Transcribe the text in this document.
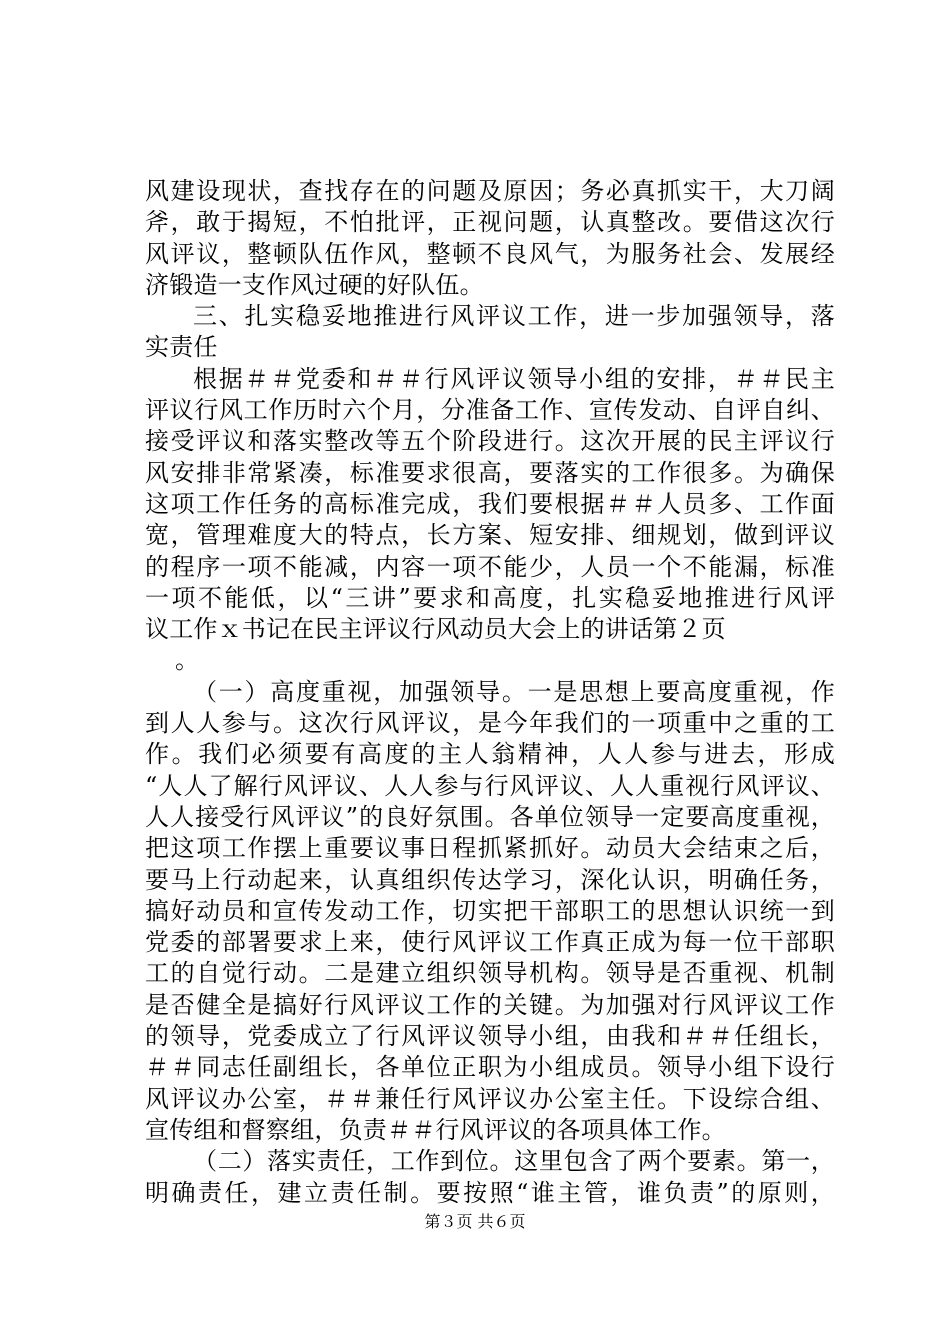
风建设现状，查找存在的问题及原因；务必真抓实干，大刀阔
斧，敢于揭短，不怕批评，正视问题，认真整改。要借这次行
风评议，整顿队伍作风，整顿不良风气，为服务社会、发展经
济锻造一支作风过硬的好队伍。
三、扎实稳妥地推进行风评议工作，进一步加强领导，落
实责任
根据＃＃党委和＃＃行风评议领导小组的安排，＃＃民主
评议行风工作历时六个月，分准备工作、宣传发动、自评自纠、
接受评议和落实整改等五个阶段进行。这次开展的民主评议行
风安排非常紧凑，标准要求很高，要落实的工作很多。为确保
这项工作任务的高标准完成，我们要根据＃＃人员多、工作面
宽，管理难度大的特点，长方案、短安排、细规划，做到评议
的程序一项不能减，内容一项不能少，人员一个不能漏，标准
一项不能低，以“三讲”要求和高度，扎实稳妥地推进行风评
议工作ｘ书记在民主评议行风动员大会上的讲话第２页
。
（一）高度重视，加强领导。一是思想上要高度重视，作
到人人参与。这次行风评议，是今年我们的一项重中之重的工
作。我们必须要有高度的主人翁精神，人人参与进去，形成
“人人了解行风评议、人人参与行风评议、人人重视行风评议、
人人接受行风评议”的良好氛围。各单位领导一定要高度重视，
把这项工作摆上重要议事日程抓紧抓好。动员大会结束之后，
要马上行动起来，认真组织传达学习，深化认识，明确任务，
搞好动员和宣传发动工作，切实把干部职工的思想认识统一到
党委的部署要求上来，使行风评议工作真正成为每一位干部职
工的自觉行动。二是建立组织领导机构。领导是否重视、机制
是否健全是搞好行风评议工作的关键。为加强对行风评议工作
的领导，党委成立了行风评议领导小组，由我和＃＃任组长，
＃＃同志任副组长，各单位正职为小组成员。领导小组下设行
风评议办公室，＃＃兼任行风评议办公室主任。下设综合组、
宣传组和督察组，负责＃＃行风评议的各项具体工作。
（二）落实责任，工作到位。这里包含了两个要素。第一，
明确责任，建立责任制。要按照“谁主管，谁负责”的原则，
第３页 共６页
